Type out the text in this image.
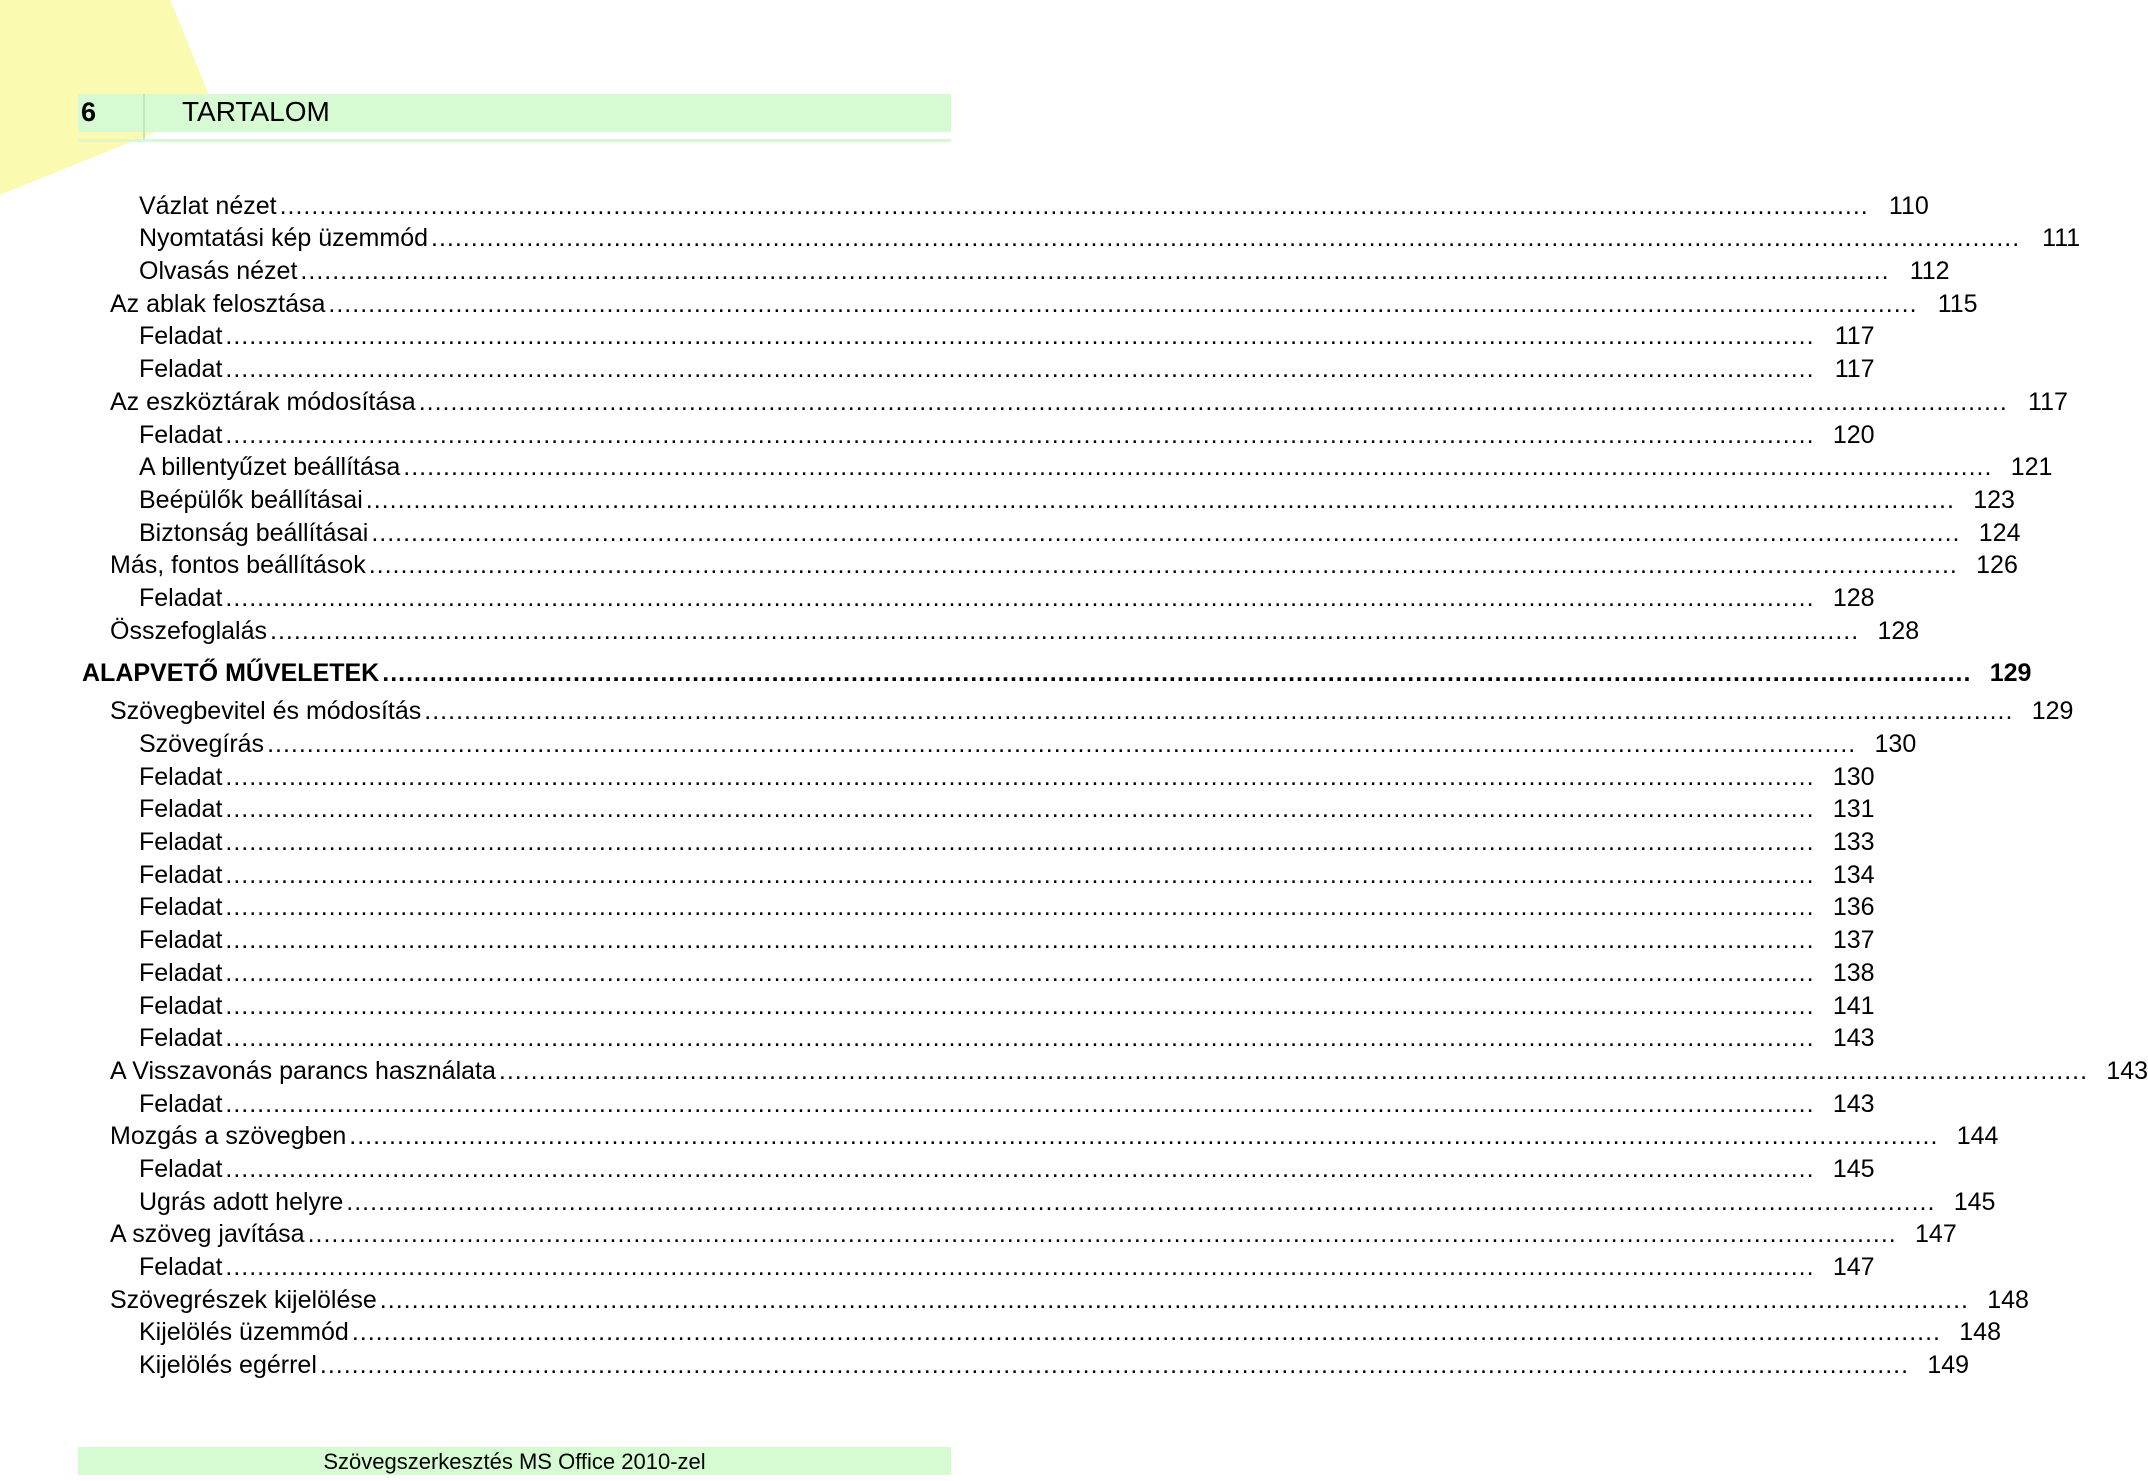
6	TARTALOM
Vázlat nézet ........................................................................................................................................................................................................ 110
Nyomtatási kép üzemmód ........................................................................................................................................................................................................ 111
Olvasás nézet ........................................................................................................................................................................................................ 112
Az ablak felosztása ........................................................................................................................................................................................................ 115
Feladat ........................................................................................................................................................................................................ 117
Feladat ........................................................................................................................................................................................................ 117
Az eszköztárak módosítása ........................................................................................................................................................................................................ 117
Feladat ........................................................................................................................................................................................................ 120
A billentyűzet beállítása ........................................................................................................................................................................................................ 121
Beépülők beállításai ........................................................................................................................................................................................................ 123
Biztonság beállításai ........................................................................................................................................................................................................ 124
Más, fontos beállítások ........................................................................................................................................................................................................ 126
Feladat ........................................................................................................................................................................................................ 128
Összefoglalás ........................................................................................................................................................................................................ 128
ALAPVETŐ MŰVELETEK ........................................................................................................................................................................................................ 129
Szövegbevitel és módosítás ........................................................................................................................................................................................................ 129
Szövegírás ........................................................................................................................................................................................................ 130
Feladat ........................................................................................................................................................................................................ 130
Feladat ........................................................................................................................................................................................................ 131
Feladat ........................................................................................................................................................................................................ 133
Feladat ........................................................................................................................................................................................................ 134
Feladat ........................................................................................................................................................................................................ 136
Feladat ........................................................................................................................................................................................................ 137
Feladat ........................................................................................................................................................................................................ 138
Feladat ........................................................................................................................................................................................................ 141
Feladat ........................................................................................................................................................................................................ 143
A Visszavonás parancs használata ........................................................................................................................................................................................................ 143
Feladat ........................................................................................................................................................................................................ 143
Mozgás a szövegben ........................................................................................................................................................................................................ 144
Feladat ........................................................................................................................................................................................................ 145
Ugrás adott helyre ........................................................................................................................................................................................................ 145
A szöveg javítása ........................................................................................................................................................................................................ 147
Feladat ........................................................................................................................................................................................................ 147
Szövegrészek kijelölése ........................................................................................................................................................................................................ 148
Kijelölés üzemmód ........................................................................................................................................................................................................ 148
Kijelölés egérrel ........................................................................................................................................................................................................ 149
Szövegszerkesztés MS Office 2010-zel
